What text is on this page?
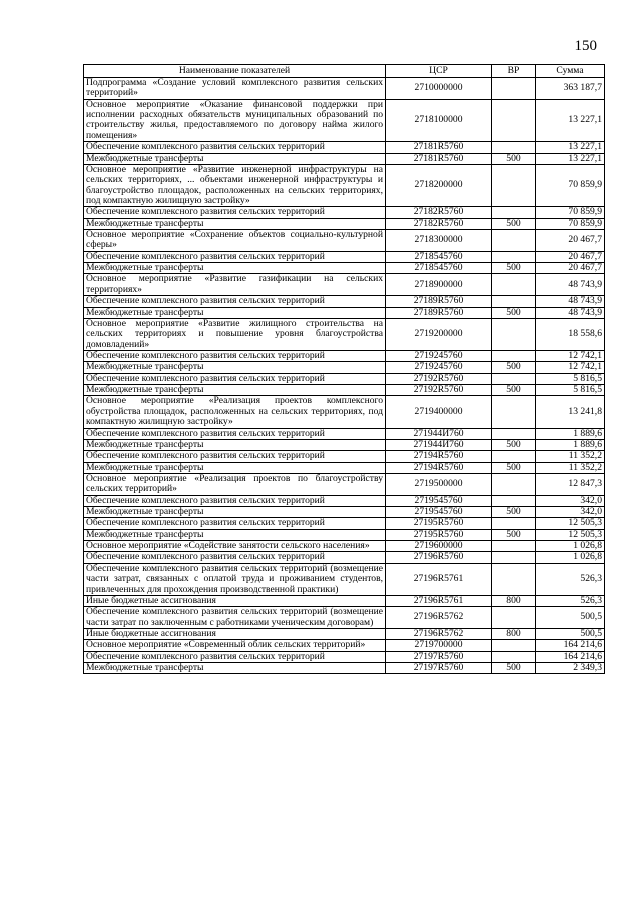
150
Наименование показателей	ЦСР	ВР	Сумма
Подпрограмма «Создание условий комплексного развития сельских территорий»	2710000000		363 187,7
Основное мероприятие «Оказание финансовой поддержки при исполнении расходных обязательств муниципальных образований по строительству жилья, предоставляемого по договору найма жилого помещения»	2718100000		13 227,1
Обеспечение комплексного развития сельских территорий	27181R5760		13 227,1
Межбюджетные трансферты	27181R5760	500	13 227,1
Основное мероприятие «Развитие инженерной инфраструктуры на сельских территориях, ... объектами инженерной инфраструктуры и благоустройство площадок, расположенных на сельских территориях, под компактную жилищную застройку»	2718200000		70 859,9
Обеспечение комплексного развития сельских территорий	27182R5760		70 859,9
Межбюджетные трансферты	27182R5760	500	70 859,9
Основное мероприятие «Сохранение объектов социально-культурной сферы»	2718300000		20 467,7
Обеспечение комплексного развития сельских территорий	2718545760		20 467,7
Межбюджетные трансферты	2718545760	500	20 467,7
Основное мероприятие «Развитие газификации на сельских территориях»	2718900000		48 743,9
Обеспечение комплексного развития сельских территорий	27189R5760		48 743,9
Межбюджетные трансферты	27189R5760	500	48 743,9
Основное мероприятие «Развитие жилищного строительства на сельских территориях и повышение уровня благоустройства домовладений»	2719200000		18 558,6
Обеспечение комплексного развития сельских территорий	2719245760		12 742,1
Межбюджетные трансферты	2719245760	500	12 742,1
Обеспечение комплексного развития сельских территорий	27192R5760		5 816,5
Межбюджетные трансферты	27192R5760	500	5 816,5
Основное мероприятие «Реализация проектов комплексного обустройства площадок, расположенных на сельских территориях, под компактную жилищную застройку»	2719400000		13 241,8
Обеспечение комплексного развития сельских территорий	271944И760		1 889,6
Межбюджетные трансферты	271944И760	500	1 889,6
Обеспечение комплексного развития сельских территорий	27194R5760		11 352,2
Межбюджетные трансферты	27194R5760	500	11 352,2
Основное мероприятие «Реализация проектов по благоустройству сельских территорий»	2719500000		12 847,3
Обеспечение комплексного развития сельских территорий	2719545760		342,0
Межбюджетные трансферты	2719545760	500	342,0
Обеспечение комплексного развития сельских территорий	27195R5760		12 505,3
Межбюджетные трансферты	27195R5760	500	12 505,3
Основное мероприятие «Содействие занятости сельского населения»	2719600000		1 026,8
Обеспечение комплексного развития сельских территорий	27196R5760		1 026,8
Обеспечение комплексного развития сельских территорий (возмещение части затрат, связанных с оплатой труда и проживанием студентов, привлеченных для прохождения производственной практики)	27196R5761		526,3
Иные бюджетные ассигнования	27196R5761	800	526,3
Обеспечение комплексного развития сельских территорий (возмещение части затрат по заключенным с работниками ученическим договорам)	27196R5762		500,5
Иные бюджетные ассигнования	27196R5762	800	500,5
Основное мероприятие «Современный облик сельских территорий»	2719700000		164 214,6
Обеспечение комплексного развития сельских территорий	27197R5760		164 214,6
Межбюджетные трансферты	27197R5760	500	2 349,3
